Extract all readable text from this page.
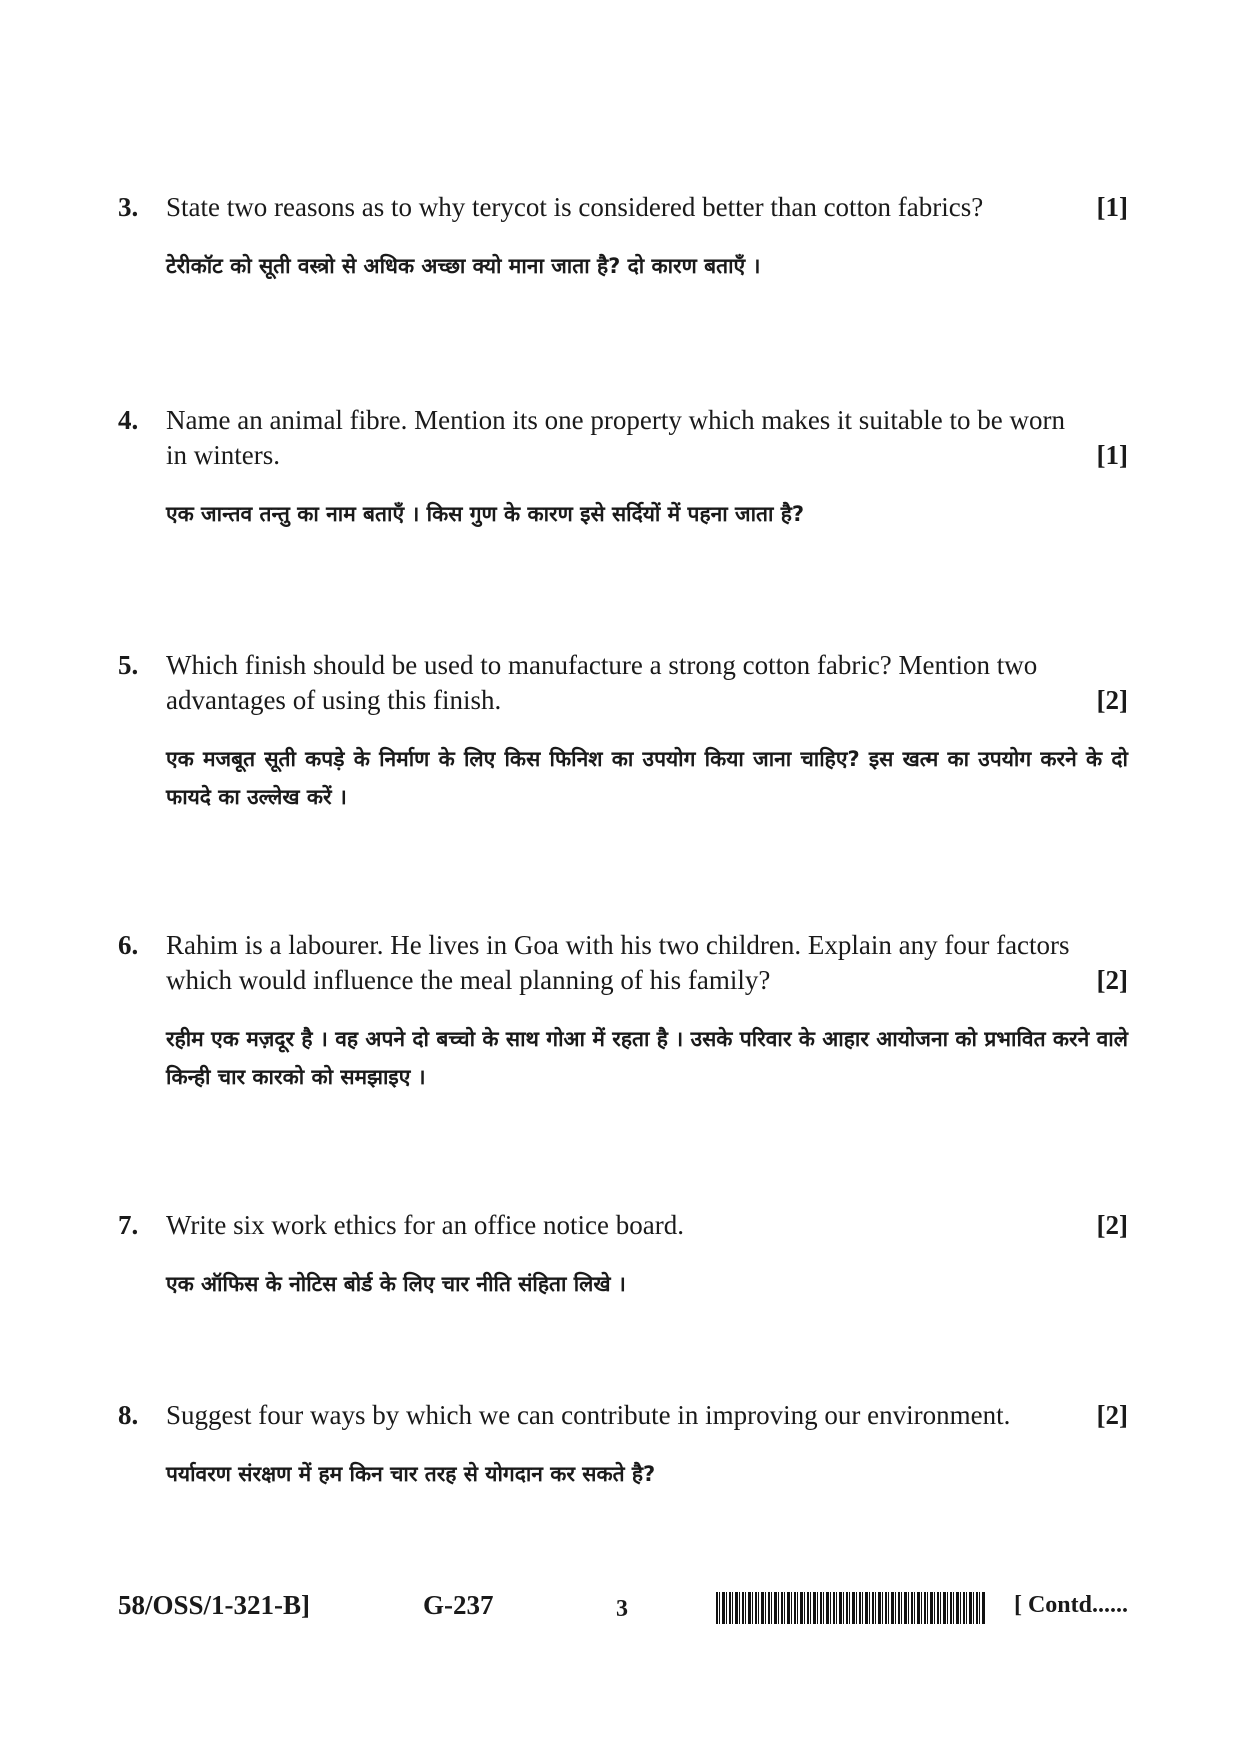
3.	State two reasons as to why terycot is considered better than cotton fabrics?	[1]
टेरीकॉट को सूती वस्त्रो से अधिक अच्छा क्यो माना जाता है? दो कारण बताएँ ।
4.	Name an animal fibre. Mention its one property which makes it suitable to be worn
in winters.	[1]
एक जान्तव तन्तु का नाम बताएँ । किस गुण के कारण इसे सर्दियों में पहना जाता है?
5.	Which finish should be used to manufacture a strong cotton fabric? Mention two
advantages of using this finish.	[2]
एक मजबूत सूती कपड़े के निर्माण के लिए किस फिनिश का उपयोग किया जाना चाहिए? इस खत्म का उपयोग करने के दो फायदे का उल्लेख करें ।
6.	Rahim is a labourer. He lives in Goa with his two children. Explain any four factors
which would influence the meal planning of his family?	[2]
रहीम एक मज़दूर है । वह अपने दो बच्चो के साथ गोआ में रहता है । उसके परिवार के आहार आयोजना को प्रभावित करने वाले किन्ही चार कारको को समझाइए ।
7.	Write six work ethics for an office notice board.	[2]
एक ऑफिस के नोटिस बोर्ड के लिए चार नीति संहिता लिखे ।
8.	Suggest four ways by which we can contribute in improving our environment.	[2]
पर्यावरण संरक्षण में हम किन चार तरह से योगदान कर सकते है?
58/OSS/1-321-B]	G-237	3	[ Contd......
